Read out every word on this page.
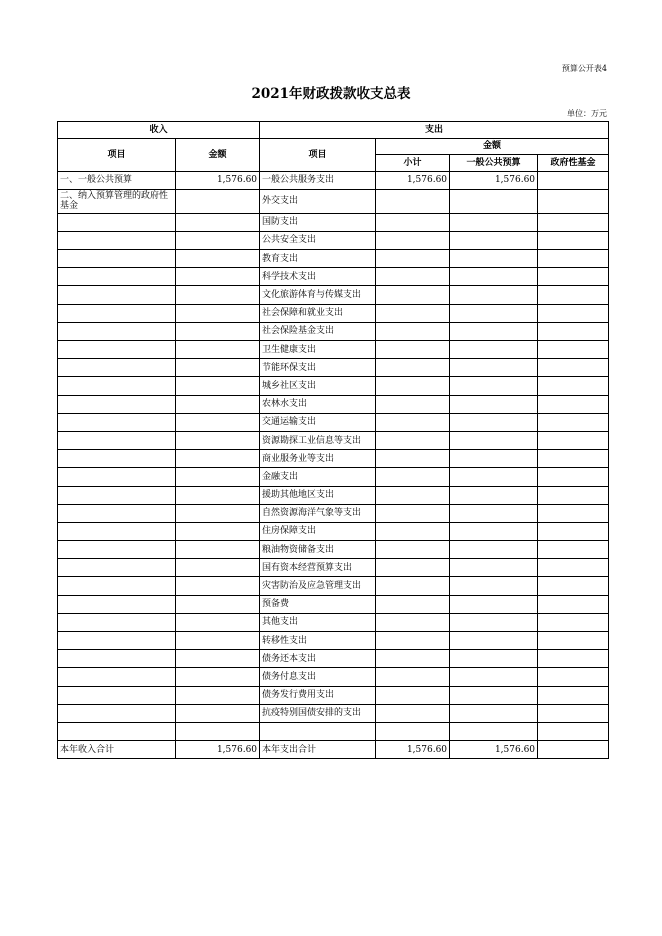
预算公开表4
2021年财政拨款收支总表
单位：万元
收入		支出			
项目	金额	项目	金额		
			小计	一般公共预算	政府性基金
一、一般公共预算	1,576.60	一般公共服务支出	1,576.60	1,576.60	
二、纳入预算管理的政府性基金		外交支出			
		国防支出			
		公共安全支出			
		教育支出			
		科学技术支出			
		文化旅游体育与传媒支出			
		社会保障和就业支出			
		社会保险基金支出			
		卫生健康支出			
		节能环保支出			
		城乡社区支出			
		农林水支出			
		交通运输支出			
		资源勘探工业信息等支出			
		商业服务业等支出			
		金融支出			
		援助其他地区支出			
		自然资源海洋气象等支出			
		住房保障支出			
		粮油物资储备支出			
		国有资本经营预算支出			
		灾害防治及应急管理支出			
		预备费			
		其他支出			
		转移性支出			
		债务还本支出			
		债务付息支出			
		债务发行费用支出			
		抗疫特别国债安排的支出			

本年收入合计	1,576.60	本年支出合计	1,576.60	1,576.60	
